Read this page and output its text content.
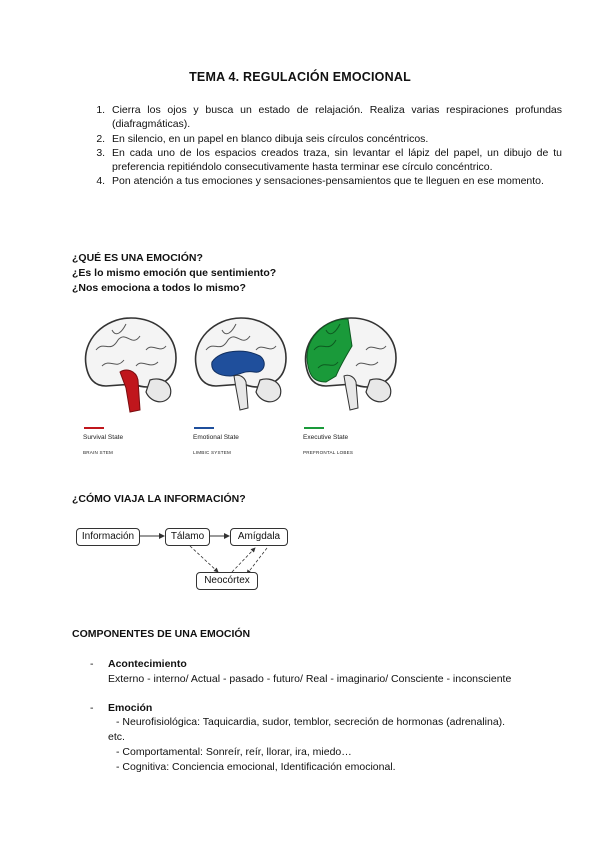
TEMA 4. REGULACIÓN EMOCIONAL
1. Cierra los ojos y busca un estado de relajación. Realiza varias respiraciones profundas (diafragmáticas).
2. En silencio, en un papel en blanco dibuja seis círculos concéntricos.
3. En cada uno de los espacios creados traza, sin levantar el lápiz del papel, un dibujo de tu preferencia repitiéndolo consecutivamente hasta terminar ese círculo concéntrico.
4. Pon atención a tus emociones y sensaciones-pensamientos que te lleguen en ese momento.
¿QUÉ ES UNA EMOCIÓN?
¿Es lo mismo emoción que sentimiento?
¿Nos emociona a todos lo mismo?
Survival State
BRAIN STEM
Emotional State
LIMBIC SYSTEM
Executive State
PREFRONTAL LOBES
¿CÓMO VIAJA LA INFORMACIÓN?
Información	Tálamo	Amígdala
Neocórtex
COMPONENTES DE UNA EMOCIÓN
- Acontecimiento
Externo - interno/ Actual - pasado - futuro/ Real - imaginario/ Consciente - inconsciente
- Emoción
- Neurofisiológica: Taquicardia, sudor, temblor, secreción de hormonas (adrenalina).
etc.
- Comportamental: Sonreír, reír, llorar, ira, miedo…
- Cognitiva: Conciencia emocional, Identificación emocional.
